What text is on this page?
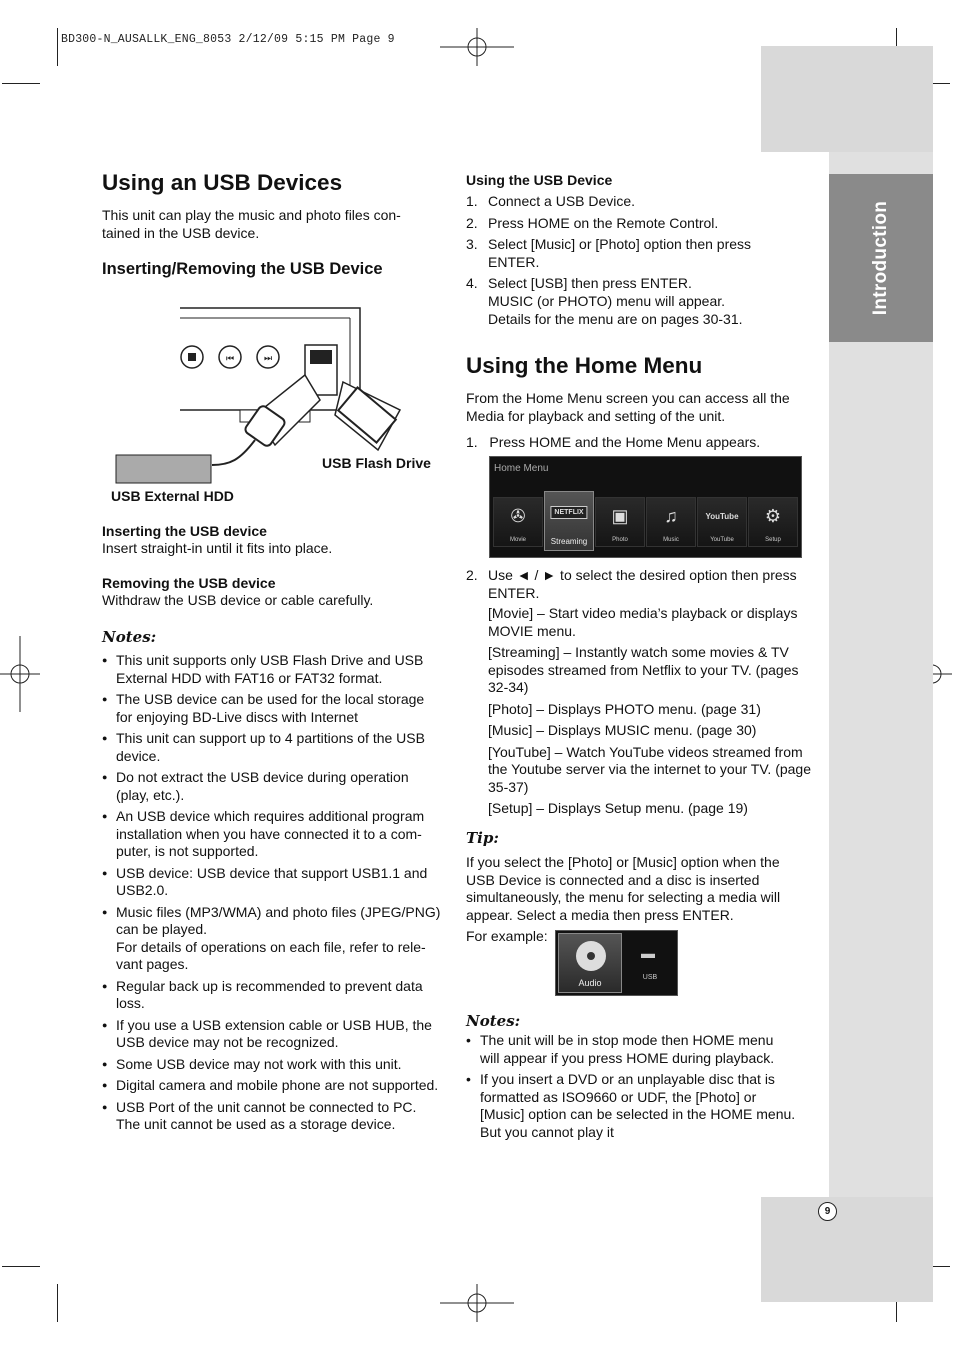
BD300-N_AUSALLK_ENG_8053 2/12/09 5:15 PM Page 9
Introduction
9
Using an USB Devices

This unit can play the music and photo files con- tained in the USB device.

Inserting/Removing the USB Device
⏮	⏭
USB Flash Drive
USB External HDD
Inserting the USB device

Insert straight-in until it fits into place.

Removing the USB device

Withdraw the USB device or cable carefully.

Notes:
● This unit supports only USB Flash Drive and USB External HDD with FAT16 or FAT32 format.
● The USB device can be used for the local storage for enjoying BD-Live discs with Internet
● This unit can support up to 4 partitions of the USB device.
● Do not extract the USB device during operation (play, etc.).
● An USB device which requires additional program installation when you have connected it to a com- puter, is not supported.
● USB device: USB device that support USB1.1 and USB2.0.
● Music files (MP3/WMA) and photo files (JPEG/PNG) can be played.
For details of operations on each file, refer to rele- vant pages.
● Regular back up is recommended to prevent data loss.
● If you use a USB extension cable or USB HUB, the USB device may not be recognized.
● Some USB device may not work with this unit.
● Digital camera and mobile phone are not supported.
● USB Port of the unit cannot be connected to PC.
The unit cannot be used as a storage device.
Using the USB Device
1. Connect a USB Device.
2. Press HOME on the Remote Control.
3. Select [Music] or [Photo] option then press ENTER.
4. Select [USB] then press ENTER.

MUSIC (or PHOTO) menu will appear.

Details for the menu are on pages 30-31.

Using the Home Menu

From the Home Menu screen you can access all the Media for playback and setting of the unit.

1. Press HOME and the Home Menu appears.

Home Menu
✇
Movie
NETFLIX
Streaming
▣
Photo
♫
Music
YouTube
YouTube
⚙
Setup
2. Use ◄ / ► to select the desired option then press ENTER.

[Movie] – Start video media’s playback or displays MOVIE menu.

[Streaming] – Instantly watch some movies & TV episodes streamed from Netflix to your TV. (pages 32-34)

[Photo] – Displays PHOTO menu. (page 31)

[Music] – Displays MUSIC menu. (page 30)

[YouTube] – Watch YouTube videos streamed from the Youtube server via the internet to your TV. (page 35-37)

[Setup] – Displays Setup menu. (page 19)

Tip:

If you select the [Photo] or [Music] option when the USB Device is connected and a disc is inserted simultaneously, the menu for selecting a media will appear. Select a media then press ENTER.

For example:

Audio
▬
USB
Notes:
• The unit will be in stop mode then HOME menu will appear if you press HOME during playback.
• If you insert a DVD or an unplayable disc that is formatted as ISO9660 or UDF, the [Photo] or [Music] option can be selected in the HOME menu. But you cannot play it
